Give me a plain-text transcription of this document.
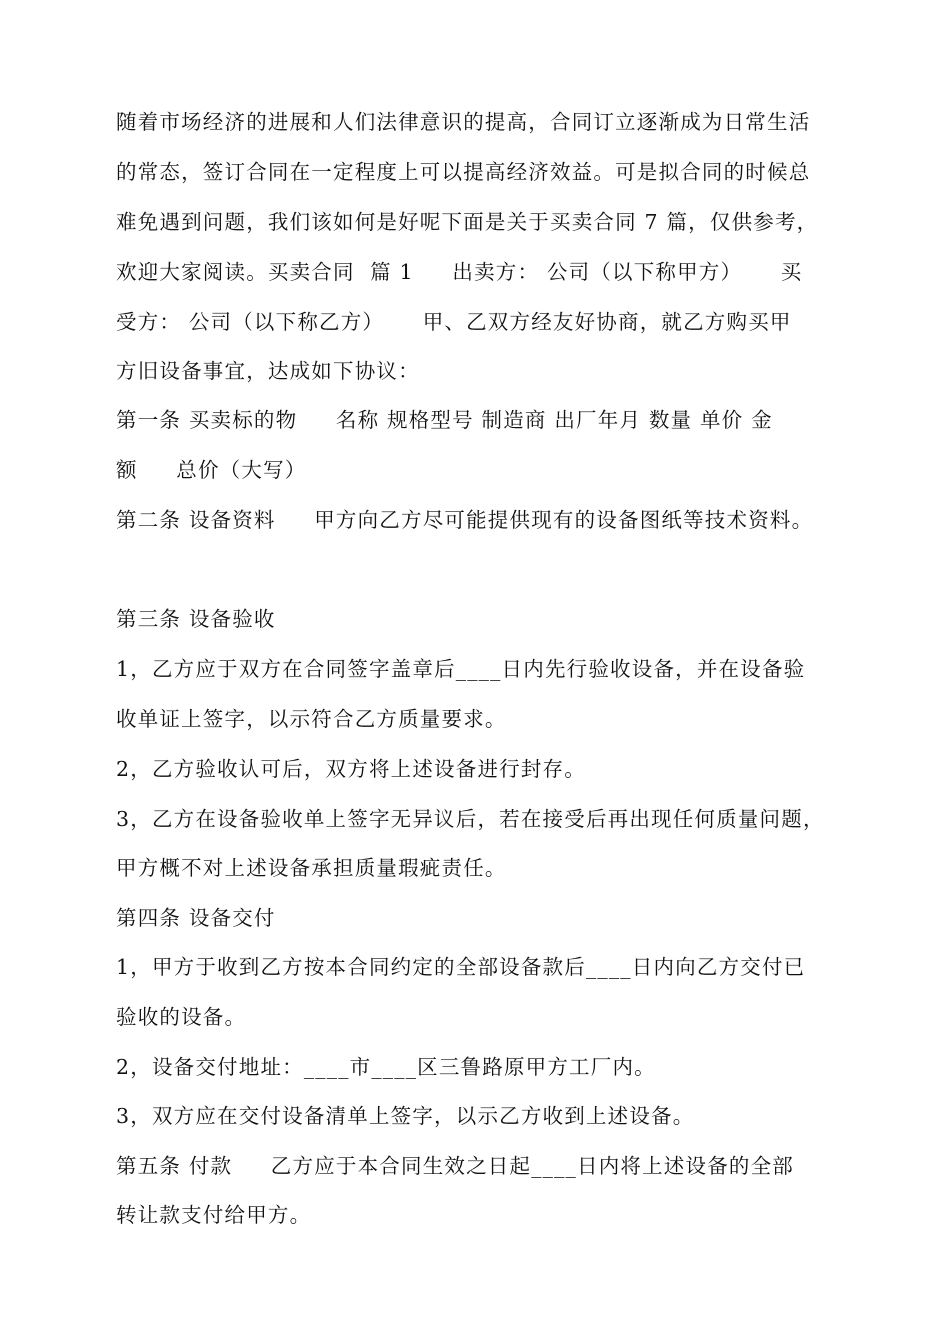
随着市场经济的进展和人们法律意识的提高，合同订立逐渐成为日常生活
的常态，签订合同在一定程度上可以提高经济效益。可是拟合同的时候总
难免遇到问题，我们该如何是好呢下面是关于买卖合同 7 篇，仅供参考，
欢迎大家阅读。买卖合同  篇 1     出卖方： 公司（以下称甲方）     买
受方： 公司（以下称乙方）     甲、乙双方经友好协商，就乙方购买甲
方旧设备事宜，达成如下协议：
第一条 买卖标的物     名称 规格型号 制造商 出厂年月 数量 单价 金
额     总价（大写）
第二条 设备资料     甲方向乙方尽可能提供现有的设备图纸等技术资料。
第三条 设备验收
1，乙方应于双方在合同签字盖章后____日内先行验收设备，并在设备验
收单证上签字，以示符合乙方质量要求。
2，乙方验收认可后，双方将上述设备进行封存。
3，乙方在设备验收单上签字无异议后，若在接受后再出现任何质量问题，
甲方概不对上述设备承担质量瑕疵责任。
第四条 设备交付
1，甲方于收到乙方按本合同约定的全部设备款后____日内向乙方交付已
验收的设备。
2，设备交付地址：____市____区三鲁路原甲方工厂内。
3，双方应在交付设备清单上签字，以示乙方收到上述设备。
第五条 付款     乙方应于本合同生效之日起____日内将上述设备的全部
转让款支付给甲方。
